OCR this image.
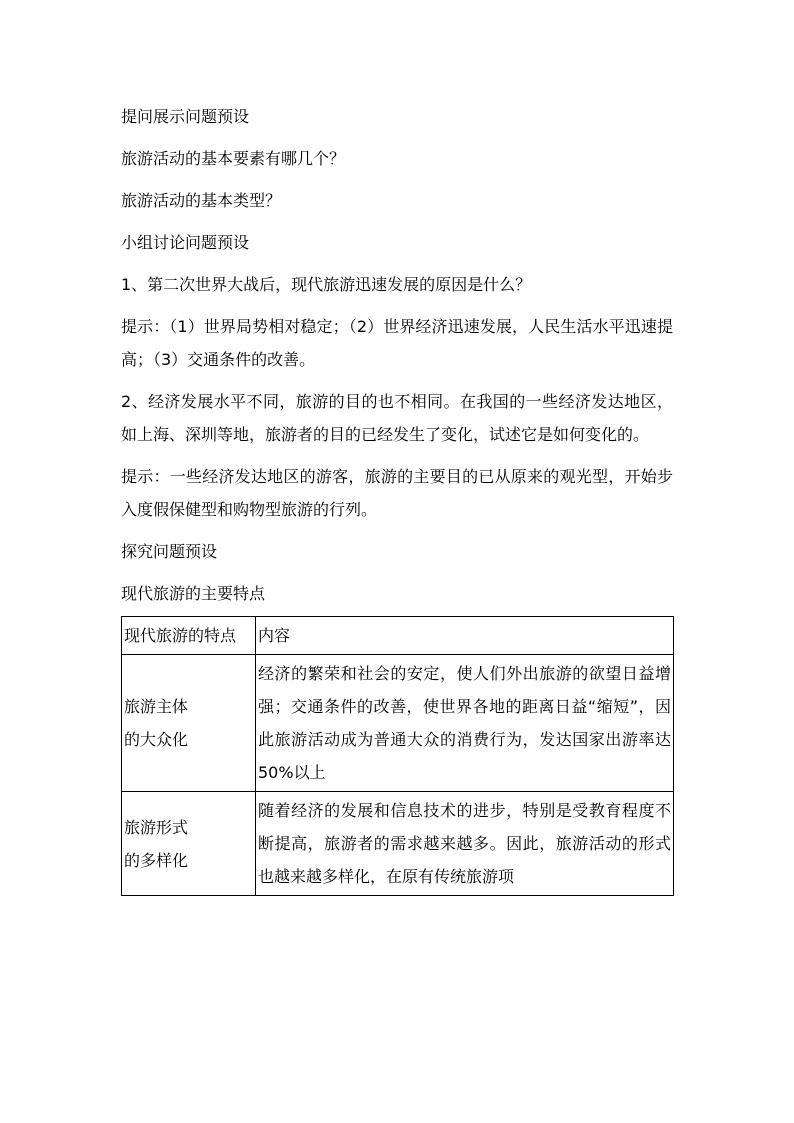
提问展示问题预设

旅游活动的基本要素有哪几个？

旅游活动的基本类型？

小组讨论问题预设

1、第二次世界大战后，现代旅游迅速发展的原因是什么？

提示：（1）世界局势相对稳定；（2）世界经济迅速发展，人民生活水平迅速提高；（3）交通条件的改善。

2、经济发展水平不同，旅游的目的也不相同。在我国的一些经济发达地区，如上海、深圳等地，旅游者的目的已经发生了变化，试述它是如何变化的。

提示：一些经济发达地区的游客，旅游的主要目的已从原来的观光型，开始步入度假保健型和购物型旅游的行列。

探究问题预设

现代旅游的主要特点

现代旅游的特点	内容
旅游主体
的大众化	经济的繁荣和社会的安定，使人们外出旅游的欲望日益增强；交通条件的改善，使世界各地的距离日益“缩短”，因此旅游活动成为普通大众的消费行为，发达国家出游率达50%以上
旅游形式
的多样化	随着经济的发展和信息技术的进步，特别是受教育程度不断提高，旅游者的需求越来越多。因此，旅游活动的形式也越来越多样化，在原有传统旅游项
